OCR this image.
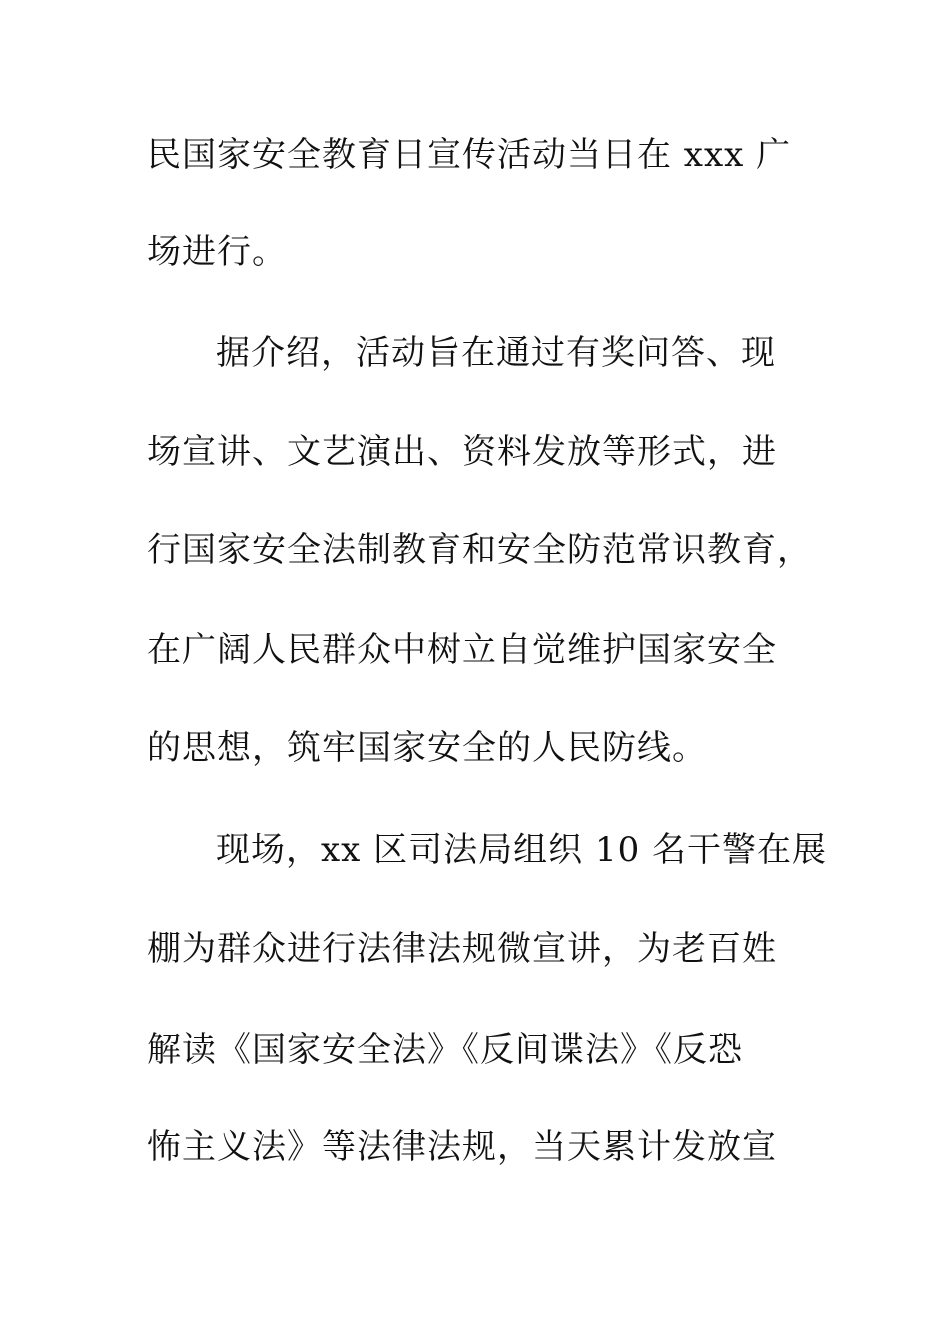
民国家安全教育日宣传活动当日在 xxx 广
场进行。
据介绍，活动旨在通过有奖问答、现
场宣讲、文艺演出、资料发放等形式，进
行国家安全法制教育和安全防范常识教育，
在广阔人民群众中树立自觉维护国家安全
的思想，筑牢国家安全的人民防线。
现场，xx 区司法局组织 10 名干警在展
棚为群众进行法律法规微宣讲，为老百姓
解读《国家安全法》《反间谍法》《反恐
怖主义法》等法律法规，当天累计发放宣
